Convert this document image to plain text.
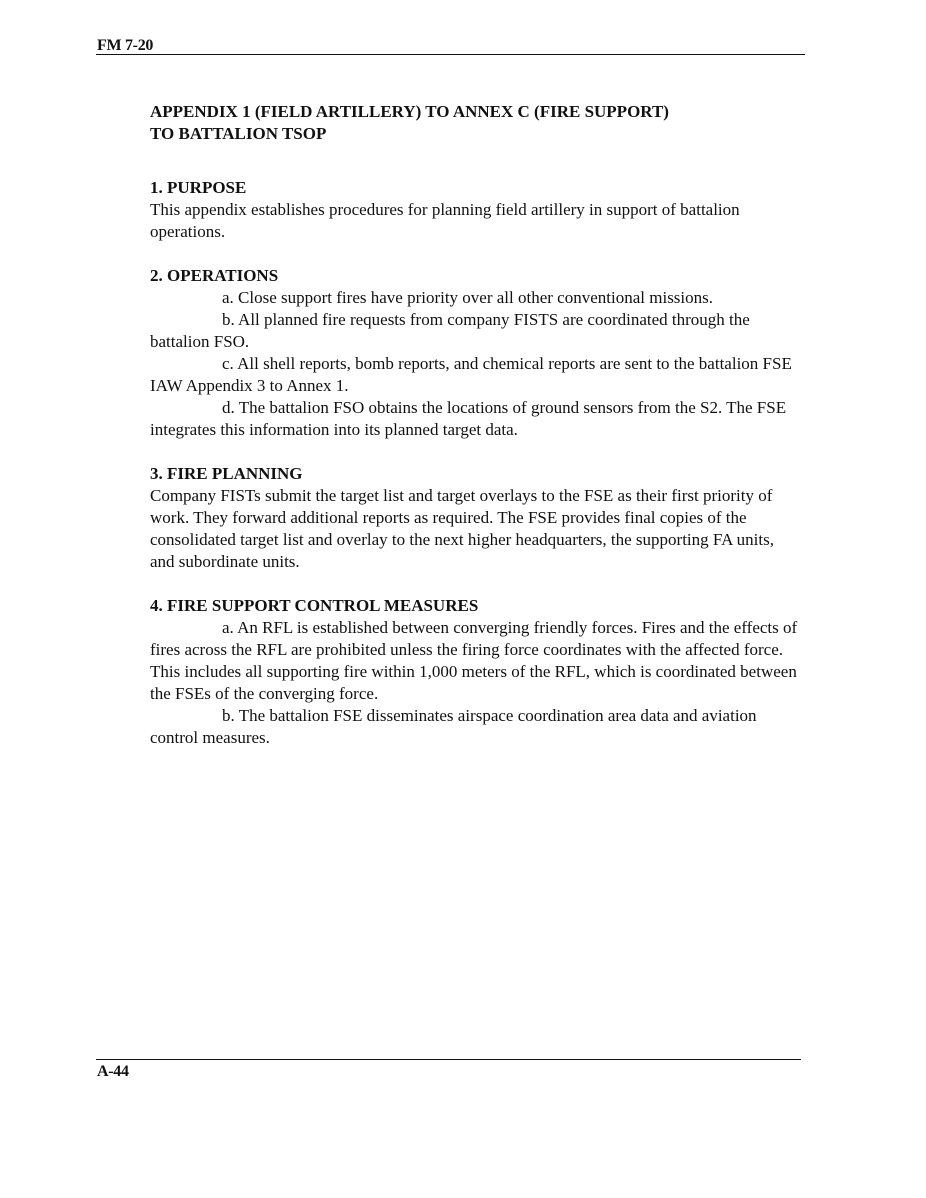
FM 7-20
APPENDIX 1 (FIELD ARTILLERY) TO ANNEX C (FIRE SUPPORT)
TO BATTALION TSOP
1. PURPOSE

This appendix establishes procedures for planning field artillery in support of battalion operations.

2. OPERATIONS

a. Close support fires have priority over all other conventional missions.

b. All planned fire requests from company FISTS are coordinated through the battalion FSO.

c. All shell reports, bomb reports, and chemical reports are sent to the battalion FSE IAW Appendix 3 to Annex 1.

d. The battalion FSO obtains the locations of ground sensors from the S2. The FSE integrates this information into its planned target data.

3. FIRE PLANNING

Company FISTs submit the target list and target overlays to the FSE as their first priority of work. They forward additional reports as required. The FSE provides final copies of the consolidated target list and overlay to the next higher headquarters, the supporting FA units, and subordinate units.

4. FIRE SUPPORT CONTROL MEASURES

a. An RFL is established between converging friendly forces. Fires and the effects of fires across the RFL are prohibited unless the firing force coordinates with the affected force. This includes all supporting fire within 1,000 meters of the RFL, which is coordinated between the FSEs of the converging force.

b. The battalion FSE disseminates airspace coordination area data and aviation control measures.

A-44
